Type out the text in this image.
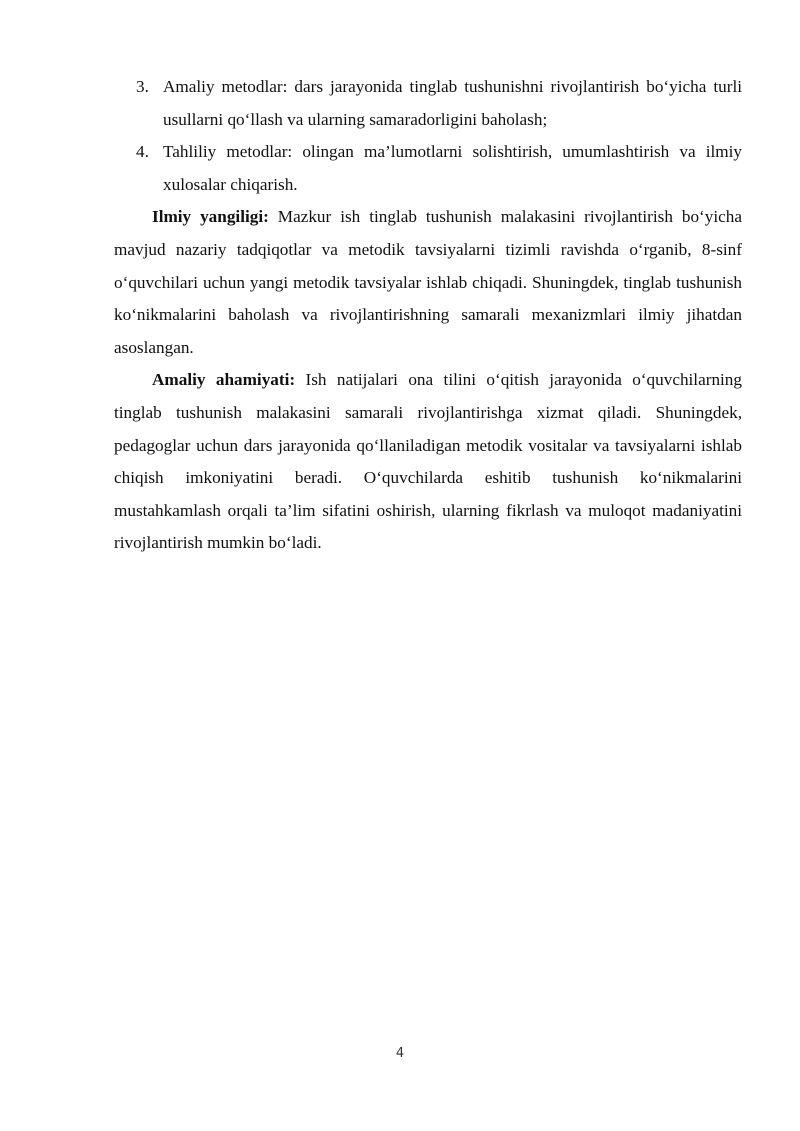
3. Amaliy metodlar: dars jarayonida tinglab tushunishni rivojlantirish bo‘yicha turli usullarni qo‘llash va ularning samaradorligini baholash;
4. Tahliliy metodlar: olingan ma’lumotlarni solishtirish, umumlashtirish va ilmiy xulosalar chiqarish.

Ilmiy yangiligi: Mazkur ish tinglab tushunish malakasini rivojlantirish bo‘yicha mavjud nazariy tadqiqotlar va metodik tavsiyalarni tizimli ravishda o‘rganib, 8-sinf o‘quvchilari uchun yangi metodik tavsiyalar ishlab chiqadi. Shuningdek, tinglab tushunish ko‘nikmalarini baholash va rivojlantirishning samarali mexanizmlari ilmiy jihatdan asoslangan.

Amaliy ahamiyati: Ish natijalari ona tilini o‘qitish jarayonida o‘quvchilarning tinglab tushunish malakasini samarali rivojlantirishga xizmat qiladi. Shuningdek, pedagoglar uchun dars jarayonida qo‘llaniladigan metodik vositalar va tavsiyalarni ishlab chiqish imkoniyatini beradi. O‘quvchilarda eshitib tushunish ko‘nikmalarini mustahkamlash orqali ta’lim sifatini oshirish, ularning fikrlash va muloqot madaniyatini rivojlantirish mumkin bo‘ladi.

4
